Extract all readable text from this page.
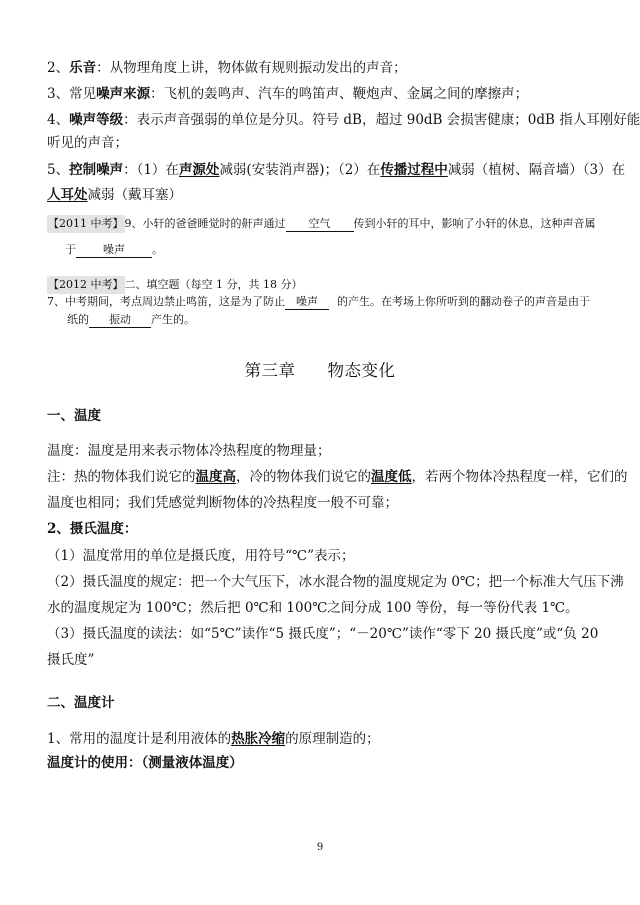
2、乐音：从物理角度上讲，物体做有规则振动发出的声音；
3、常见噪声来源：飞机的轰鸣声、汽车的鸣笛声、鞭炮声、金属之间的摩擦声；
4、噪声等级：表示声音强弱的单位是分贝。符号 dB，超过 90dB 会损害健康；0dB 指人耳刚好能
听见的声音；
5、控制噪声：（1）在声源处减弱(安装消声器)；（2）在传播过程中减弱（植树、隔音墙）（3）在
人耳处减弱（戴耳塞）
【2011 中考】9、小轩的爸爸睡觉时的鼾声通过 空气 传到小轩的耳中，影响了小轩的休息，这种声音属
于 噪声 。
【2012 中考】二、填空题（每空 1 分，共 18 分）
7、中考期间，考点周边禁止鸣笛，这是为了防止 噪声 的产生。在考场上你所听到的翻动卷子的声音是由于
纸的 振动 产生的。
第三章 物态变化
一、温度
温度：温度是用来表示物体冷热程度的物理量；
注：热的物体我们说它的温度高，冷的物体我们说它的温度低，若两个物体冷热程度一样，它们的
温度也相同；我们凭感觉判断物体的冷热程度一般不可靠；
2、摄氏温度：
（1）温度常用的单位是摄氏度，用符号“℃”表示；
（2）摄氏温度的规定：把一个大气压下，冰水混合物的温度规定为 0℃；把一个标准大气压下沸
水的温度规定为 100℃；然后把 0℃和 100℃之间分成 100 等份，每一等份代表 1℃。
（3）摄氏温度的读法：如“5℃”读作“5 摄氏度”；“－20℃”读作“零下 20 摄氏度”或“负 20
摄氏度”
二、温度计
1、常用的温度计是利用液体的热胀冷缩的原理制造的；
温度计的使用：（测量液体温度）
9
